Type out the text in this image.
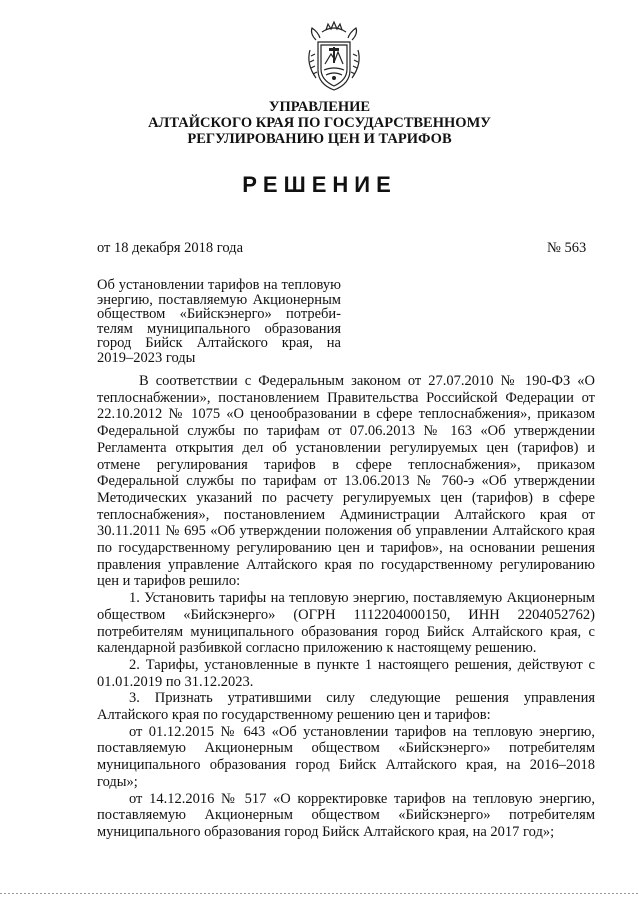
УПРАВЛЕНИЕ
АЛТАЙСКОГО КРАЯ ПО ГОСУДАРСТВЕННОМУ
РЕГУЛИРОВАНИЮ ЦЕН И ТАРИФОВ
РЕШЕНИЕ
от 18 декабря 2018 года	№ 563
Об установлении тарифов на тепловую
энергию, поставляемую Акционерным
обществом «Бийскэнерго» потреби-
телям муниципального образования
город Бийск Алтайского края, на
2019–2023 годы

В соответствии с Федеральным законом от 27.07.2010 № 190-ФЗ «О теплоснабжении», постановлением Правительства Российской Федерации от 22.10.2012 № 1075 «О ценообразовании в сфере теплоснабжения», приказом Федеральной службы по тарифам от 07.06.2013 № 163 «Об утверждении Регламента открытия дел об установлении регулируемых цен (тарифов) и отмене регулирования тарифов в сфере теплоснабжения», приказом Федеральной службы по тарифам от 13.06.2013 № 760-э «Об утверждении Методических указаний по расчету регулируемых цен (тарифов) в сфере теплоснабжения», постановлением Администрации Алтайского края от 30.11.2011 № 695 «Об утверждении положения об управлении Алтайского края по государственному регулированию цен и тарифов», на основании решения правления управление Алтайского края по государственному регулированию цен и тарифов решило:

1. Установить тарифы на тепловую энергию, поставляемую Акционерным обществом «Бийскэнерго» (ОГРН 1112204000150, ИНН 2204052762) потребителям муниципального образования город Бийск Алтайского края, с календарной разбивкой согласно приложению к настоящему решению.

2. Тарифы, установленные в пункте 1 настоящего решения, действуют с 01.01.2019 по 31.12.2023.

3. Признать утратившими силу следующие решения управления Алтайского края по государственному решению цен и тарифов:

от 01.12.2015 № 643 «Об установлении тарифов на тепловую энергию, поставляемую Акционерным обществом «Бийскэнерго» потребителям муниципального образования город Бийск Алтайского края, на 2016–2018 годы»;

от 14.12.2016 № 517 «О корректировке тарифов на тепловую энергию, поставляемую Акционерным обществом «Бийскэнерго» потребителям муниципального образования город Бийск Алтайского края, на 2017 год»;
